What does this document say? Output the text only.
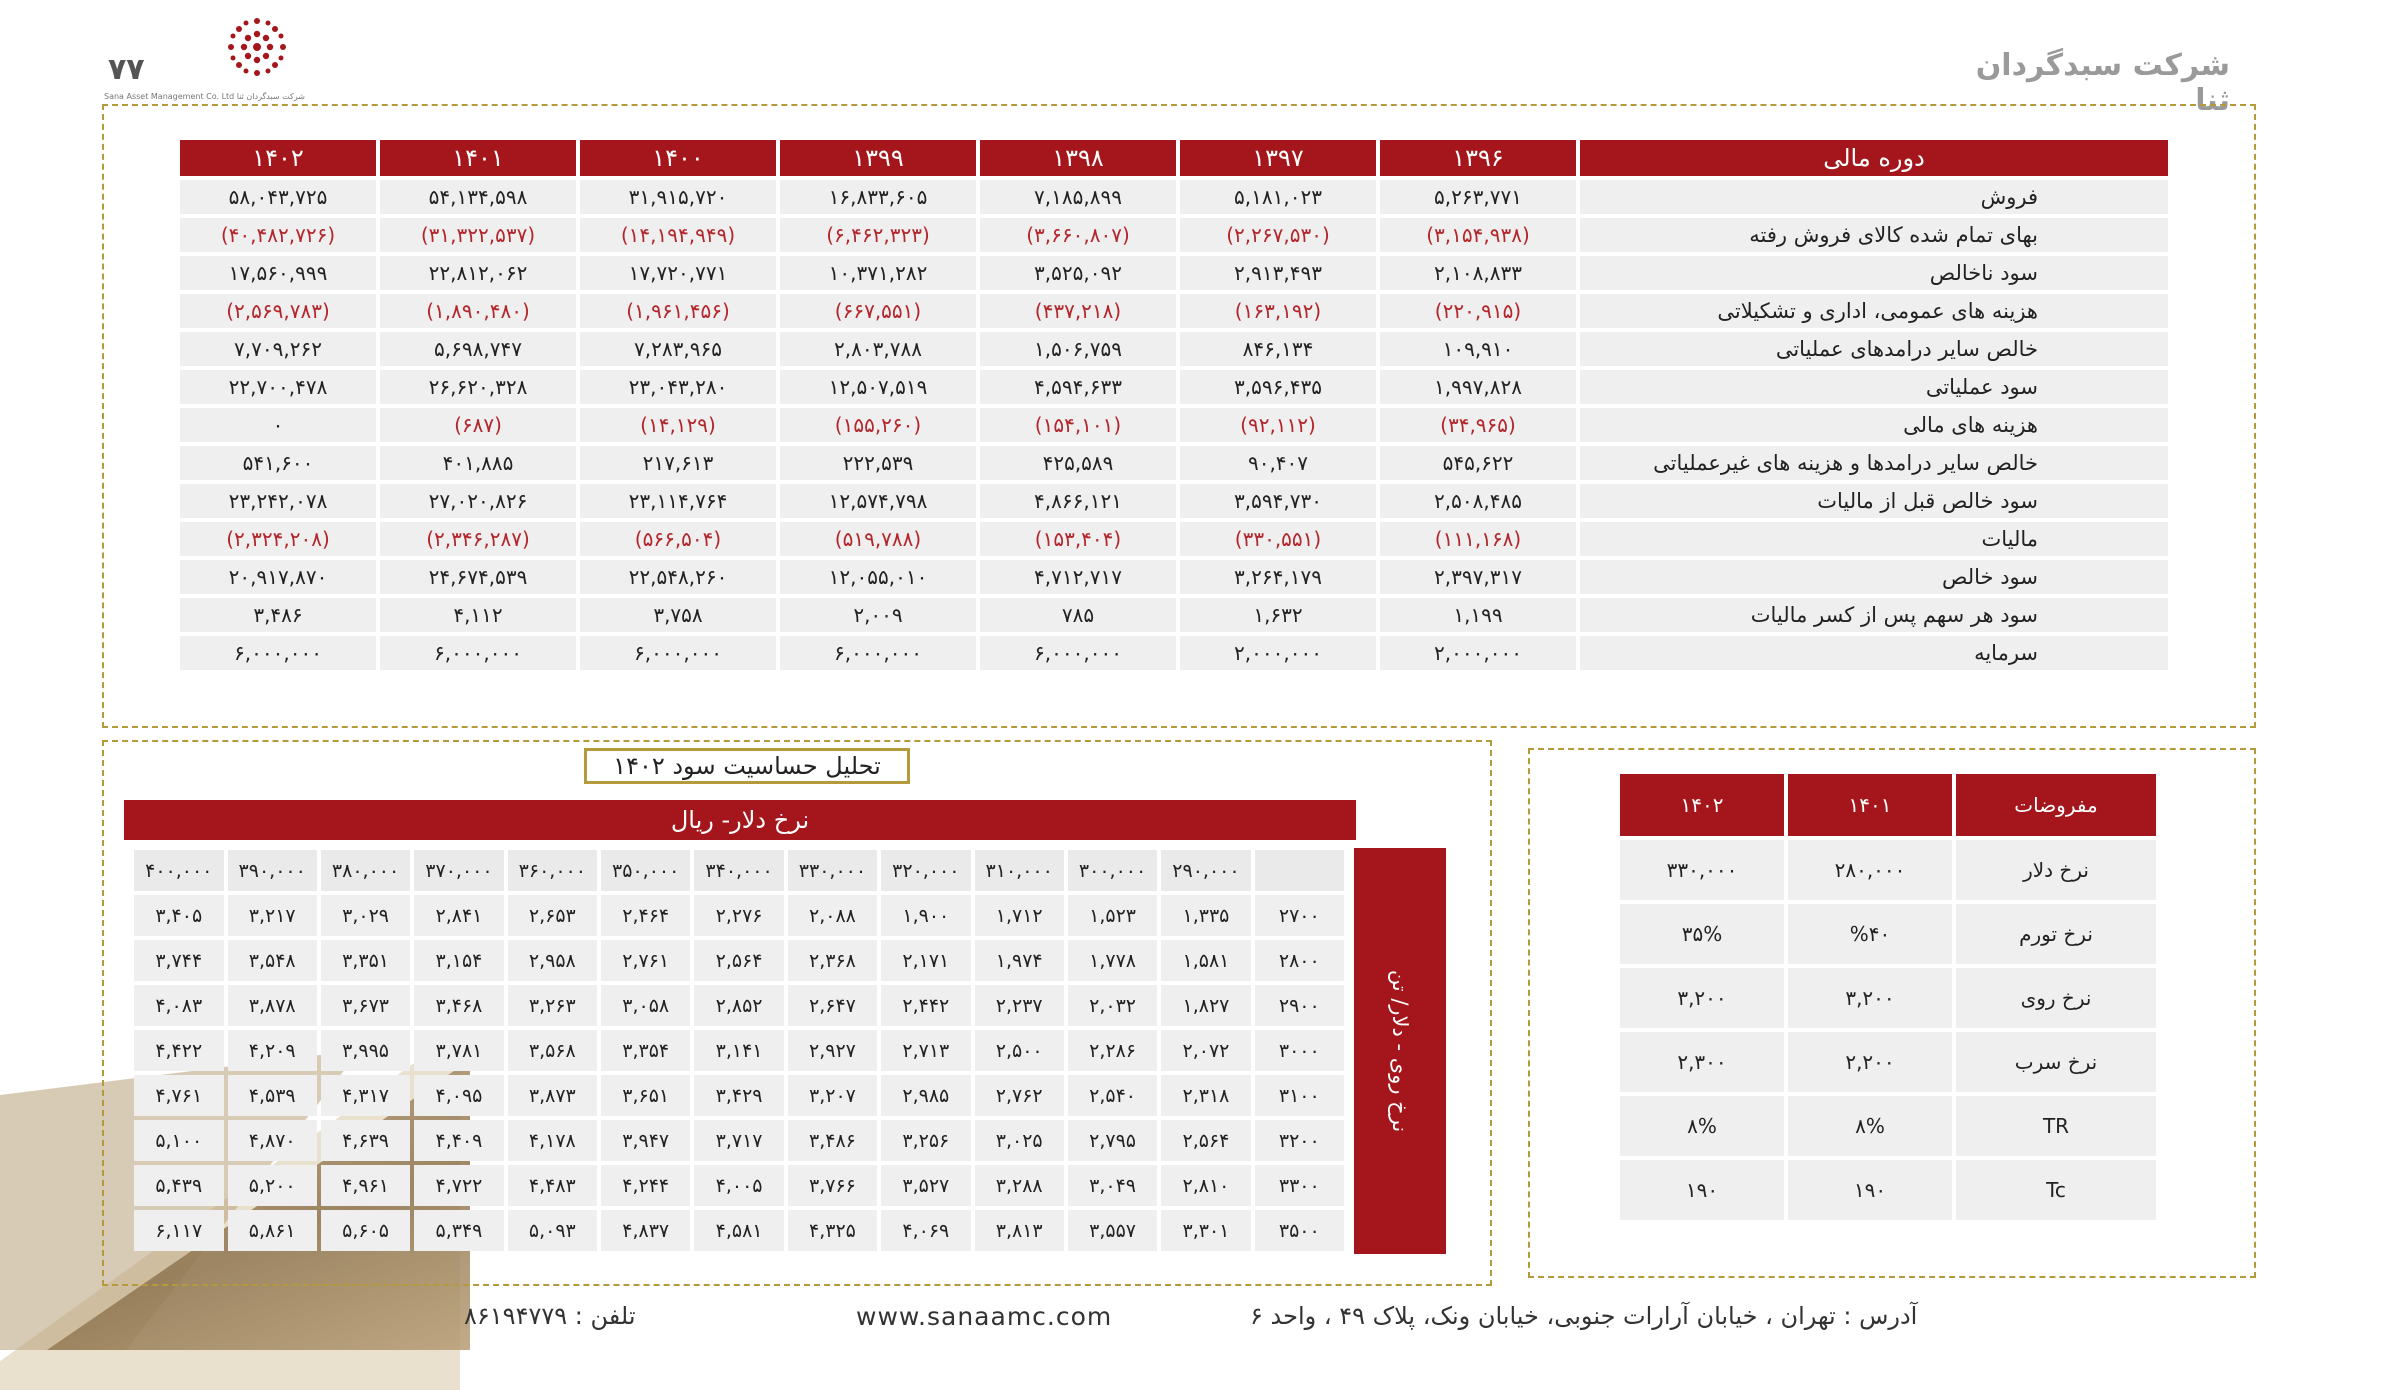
شرکت سبدگردان ثنا
۷۷
Sana Asset Management Co. Ltd شرکت سبدگردان ثنا
دوره مالی	۱۳۹۶	۱۳۹۷	۱۳۹۸	۱۳۹۹	۱۴۰۰	۱۴۰۱	۱۴۰۲
فروش	۵,۲۶۳,۷۷۱	۵,۱۸۱,۰۲۳	۷,۱۸۵,۸۹۹	۱۶,۸۳۳,۶۰۵	۳۱,۹۱۵,۷۲۰	۵۴,۱۳۴,۵۹۸	۵۸,۰۴۳,۷۲۵
بهای تمام شده کالای فروش رفته	(۳,۱۵۴,۹۳۸)	(۲,۲۶۷,۵۳۰)	(۳,۶۶۰,۸۰۷)	(۶,۴۶۲,۳۲۳)	(۱۴,۱۹۴,۹۴۹)	(۳۱,۳۲۲,۵۳۷)	(۴۰,۴۸۲,۷۲۶)
سود ناخالص	۲,۱۰۸,۸۳۳	۲,۹۱۳,۴۹۳	۳,۵۲۵,۰۹۲	۱۰,۳۷۱,۲۸۲	۱۷,۷۲۰,۷۷۱	۲۲,۸۱۲,۰۶۲	۱۷,۵۶۰,۹۹۹
هزینه های عمومی، اداری و تشکیلاتی	(۲۲۰,۹۱۵)	(۱۶۳,۱۹۲)	(۴۳۷,۲۱۸)	(۶۶۷,۵۵۱)	(۱,۹۶۱,۴۵۶)	(۱,۸۹۰,۴۸۰)	(۲,۵۶۹,۷۸۳)
خالص سایر درامدهای عملیاتی	۱۰۹,۹۱۰	۸۴۶,۱۳۴	۱,۵۰۶,۷۵۹	۲,۸۰۳,۷۸۸	۷,۲۸۳,۹۶۵	۵,۶۹۸,۷۴۷	۷,۷۰۹,۲۶۲
سود عملیاتی	۱,۹۹۷,۸۲۸	۳,۵۹۶,۴۳۵	۴,۵۹۴,۶۳۳	۱۲,۵۰۷,۵۱۹	۲۳,۰۴۳,۲۸۰	۲۶,۶۲۰,۳۲۸	۲۲,۷۰۰,۴۷۸
هزینه های مالی	(۳۴,۹۶۵)	(۹۲,۱۱۲)	(۱۵۴,۱۰۱)	(۱۵۵,۲۶۰)	(۱۴,۱۲۹)	(۶۸۷)	۰
خالص سایر درامدها و هزینه های غیرعملیاتی	۵۴۵,۶۲۲	۹۰,۴۰۷	۴۲۵,۵۸۹	۲۲۲,۵۳۹	۲۱۷,۶۱۳	۴۰۱,۸۸۵	۵۴۱,۶۰۰
سود خالص قبل از مالیات	۲,۵۰۸,۴۸۵	۳,۵۹۴,۷۳۰	۴,۸۶۶,۱۲۱	۱۲,۵۷۴,۷۹۸	۲۳,۱۱۴,۷۶۴	۲۷,۰۲۰,۸۲۶	۲۳,۲۴۲,۰۷۸
مالیات	(۱۱۱,۱۶۸)	(۳۳۰,۵۵۱)	(۱۵۳,۴۰۴)	(۵۱۹,۷۸۸)	(۵۶۶,۵۰۴)	(۲,۳۴۶,۲۸۷)	(۲,۳۲۴,۲۰۸)
سود خالص	۲,۳۹۷,۳۱۷	۳,۲۶۴,۱۷۹	۴,۷۱۲,۷۱۷	۱۲,۰۵۵,۰۱۰	۲۲,۵۴۸,۲۶۰	۲۴,۶۷۴,۵۳۹	۲۰,۹۱۷,۸۷۰
سود هر سهم پس از کسر مالیات	۱,۱۹۹	۱,۶۳۲	۷۸۵	۲,۰۰۹	۳,۷۵۸	۴,۱۱۲	۳,۴۸۶
سرمایه	۲,۰۰۰,۰۰۰	۲,۰۰۰,۰۰۰	۶,۰۰۰,۰۰۰	۶,۰۰۰,۰۰۰	۶,۰۰۰,۰۰۰	۶,۰۰۰,۰۰۰	۶,۰۰۰,۰۰۰
تحلیل حساسیت سود ۱۴۰۲
نرخ دلار- ریال
نرخ روی - دلار/ تن
	۲۹۰,۰۰۰	۳۰۰,۰۰۰	۳۱۰,۰۰۰	۳۲۰,۰۰۰	۳۳۰,۰۰۰	۳۴۰,۰۰۰	۳۵۰,۰۰۰	۳۶۰,۰۰۰	۳۷۰,۰۰۰	۳۸۰,۰۰۰	۳۹۰,۰۰۰	۴۰۰,۰۰۰
۲۷۰۰	۱,۳۳۵	۱,۵۲۳	۱,۷۱۲	۱,۹۰۰	۲,۰۸۸	۲,۲۷۶	۲,۴۶۴	۲,۶۵۳	۲,۸۴۱	۳,۰۲۹	۳,۲۱۷	۳,۴۰۵
۲۸۰۰	۱,۵۸۱	۱,۷۷۸	۱,۹۷۴	۲,۱۷۱	۲,۳۶۸	۲,۵۶۴	۲,۷۶۱	۲,۹۵۸	۳,۱۵۴	۳,۳۵۱	۳,۵۴۸	۳,۷۴۴
۲۹۰۰	۱,۸۲۷	۲,۰۳۲	۲,۲۳۷	۲,۴۴۲	۲,۶۴۷	۲,۸۵۲	۳,۰۵۸	۳,۲۶۳	۳,۴۶۸	۳,۶۷۳	۳,۸۷۸	۴,۰۸۳
۳۰۰۰	۲,۰۷۲	۲,۲۸۶	۲,۵۰۰	۲,۷۱۳	۲,۹۲۷	۳,۱۴۱	۳,۳۵۴	۳,۵۶۸	۳,۷۸۱	۳,۹۹۵	۴,۲۰۹	۴,۴۲۲
۳۱۰۰	۲,۳۱۸	۲,۵۴۰	۲,۷۶۲	۲,۹۸۵	۳,۲۰۷	۳,۴۲۹	۳,۶۵۱	۳,۸۷۳	۴,۰۹۵	۴,۳۱۷	۴,۵۳۹	۴,۷۶۱
۳۲۰۰	۲,۵۶۴	۲,۷۹۵	۳,۰۲۵	۳,۲۵۶	۳,۴۸۶	۳,۷۱۷	۳,۹۴۷	۴,۱۷۸	۴,۴۰۹	۴,۶۳۹	۴,۸۷۰	۵,۱۰۰
۳۳۰۰	۲,۸۱۰	۳,۰۴۹	۳,۲۸۸	۳,۵۲۷	۳,۷۶۶	۴,۰۰۵	۴,۲۴۴	۴,۴۸۳	۴,۷۲۲	۴,۹۶۱	۵,۲۰۰	۵,۴۳۹
۳۵۰۰	۳,۳۰۱	۳,۵۵۷	۳,۸۱۳	۴,۰۶۹	۴,۳۲۵	۴,۵۸۱	۴,۸۳۷	۵,۰۹۳	۵,۳۴۹	۵,۶۰۵	۵,۸۶۱	۶,۱۱۷
مفروضات	۱۴۰۱	۱۴۰۲
نرخ دلار	۲۸۰,۰۰۰	۳۳۰,۰۰۰
نرخ تورم	%۴۰	۳۵%
نرخ روی	۳,۲۰۰	۳,۲۰۰
نرخ سرب	۲,۲۰۰	۲,۳۰۰
TR	۸%	۸%
Tc	۱۹۰	۱۹۰
آدرس : تهران ، خیابان آرارات جنوبی، خیابان ونک، پلاک ۴۹ ، واحد ۶
www.sanaamc.com
تلفن : ۸۶۱۹۴۷۷۹
